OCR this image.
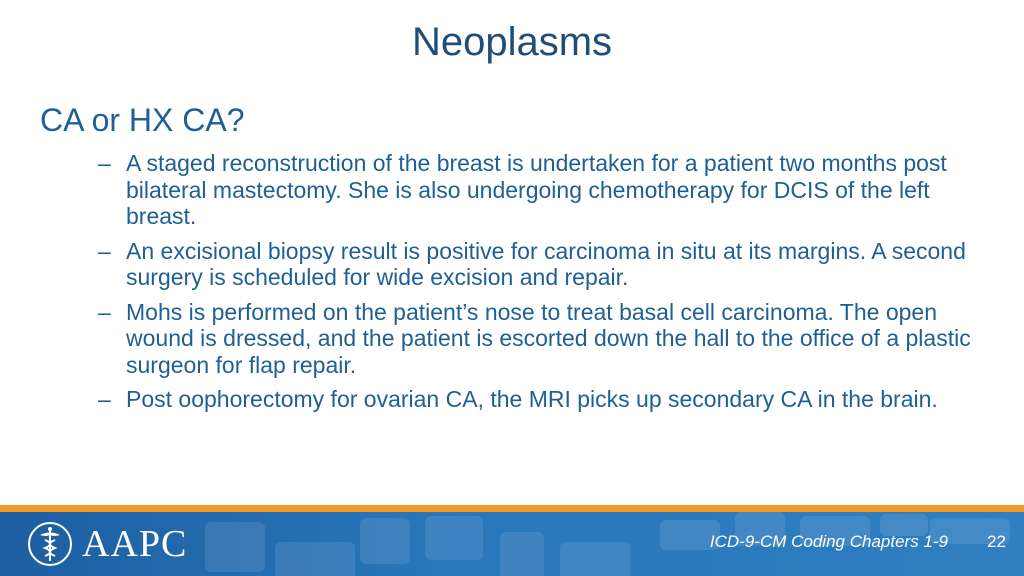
Neoplasms
CA or HX CA?
– A staged reconstruction of the breast is undertaken for a patient two months post bilateral mastectomy. She is also undergoing chemotherapy for DCIS of the left breast.
– An excisional biopsy result is positive for carcinoma in situ at its margins. A second surgery is scheduled for wide excision and repair.
– Mohs is performed on the patient’s nose to treat basal cell carcinoma. The open wound is dressed, and the patient is escorted down the hall to the office of a plastic surgeon for flap repair.
– Post oophorectomy for ovarian CA, the MRI picks up secondary CA in the brain.
AAPC	ICD-9-CM Coding Chapters 1-9 22
